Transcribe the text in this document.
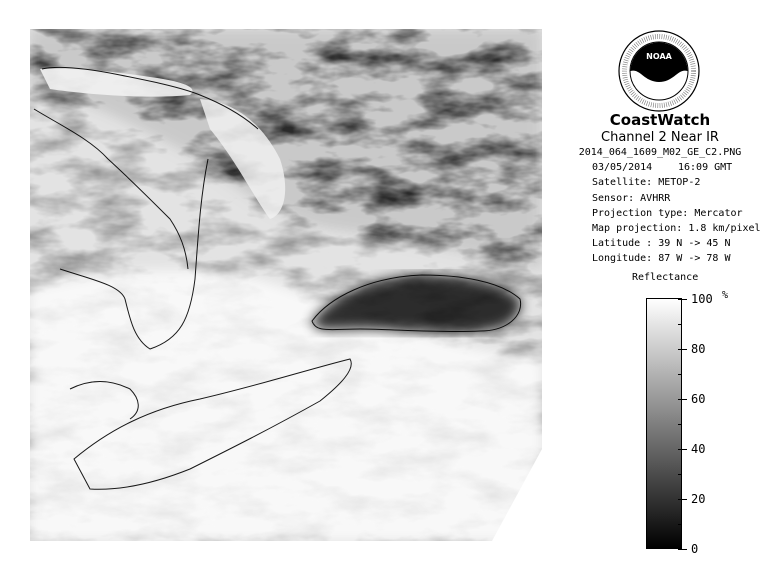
NOAA
CoastWatch
Channel 2 Near IR
2014_064_1609_M02_GE_C2.PNG
03/05/2014	16:09 GMT
Satellite: METOP-2
Sensor: AVHRR
Projection type: Mercator
Map projection: 1.8 km/pixel
Latitude : 39 N -> 45 N
Longitude: 87 W -> 78 W
Reflectance
%
100
80
60
40
20
0
